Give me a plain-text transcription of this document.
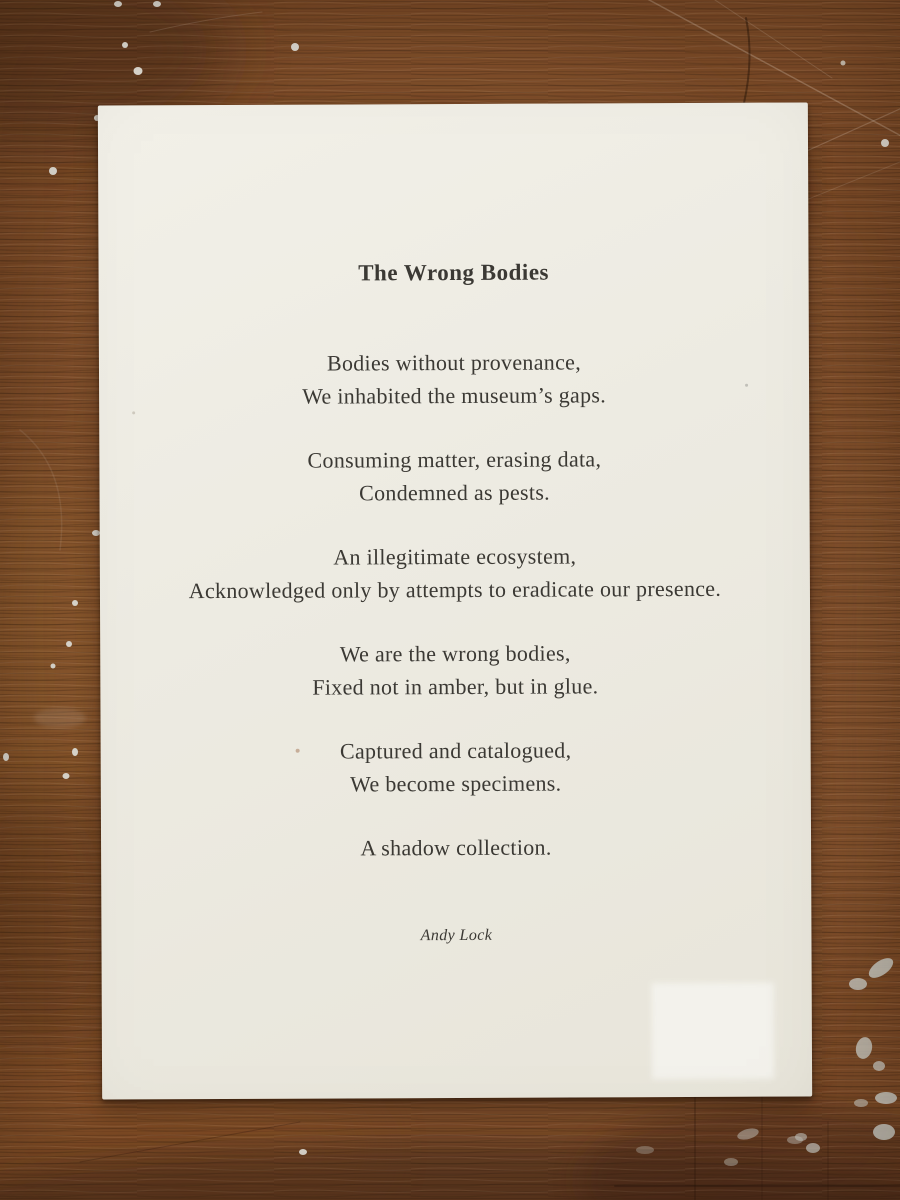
The Wrong Bodies

Bodies without provenance,

We inhabited the museum’s gaps.

Consuming matter, erasing data,

Condemned as pests.

An illegitimate ecosystem,

Acknowledged only by attempts to eradicate our presence.

We are the wrong bodies,

Fixed not in amber, but in glue.

Captured and catalogued,

We become specimens.

A shadow collection.

Andy Lock
